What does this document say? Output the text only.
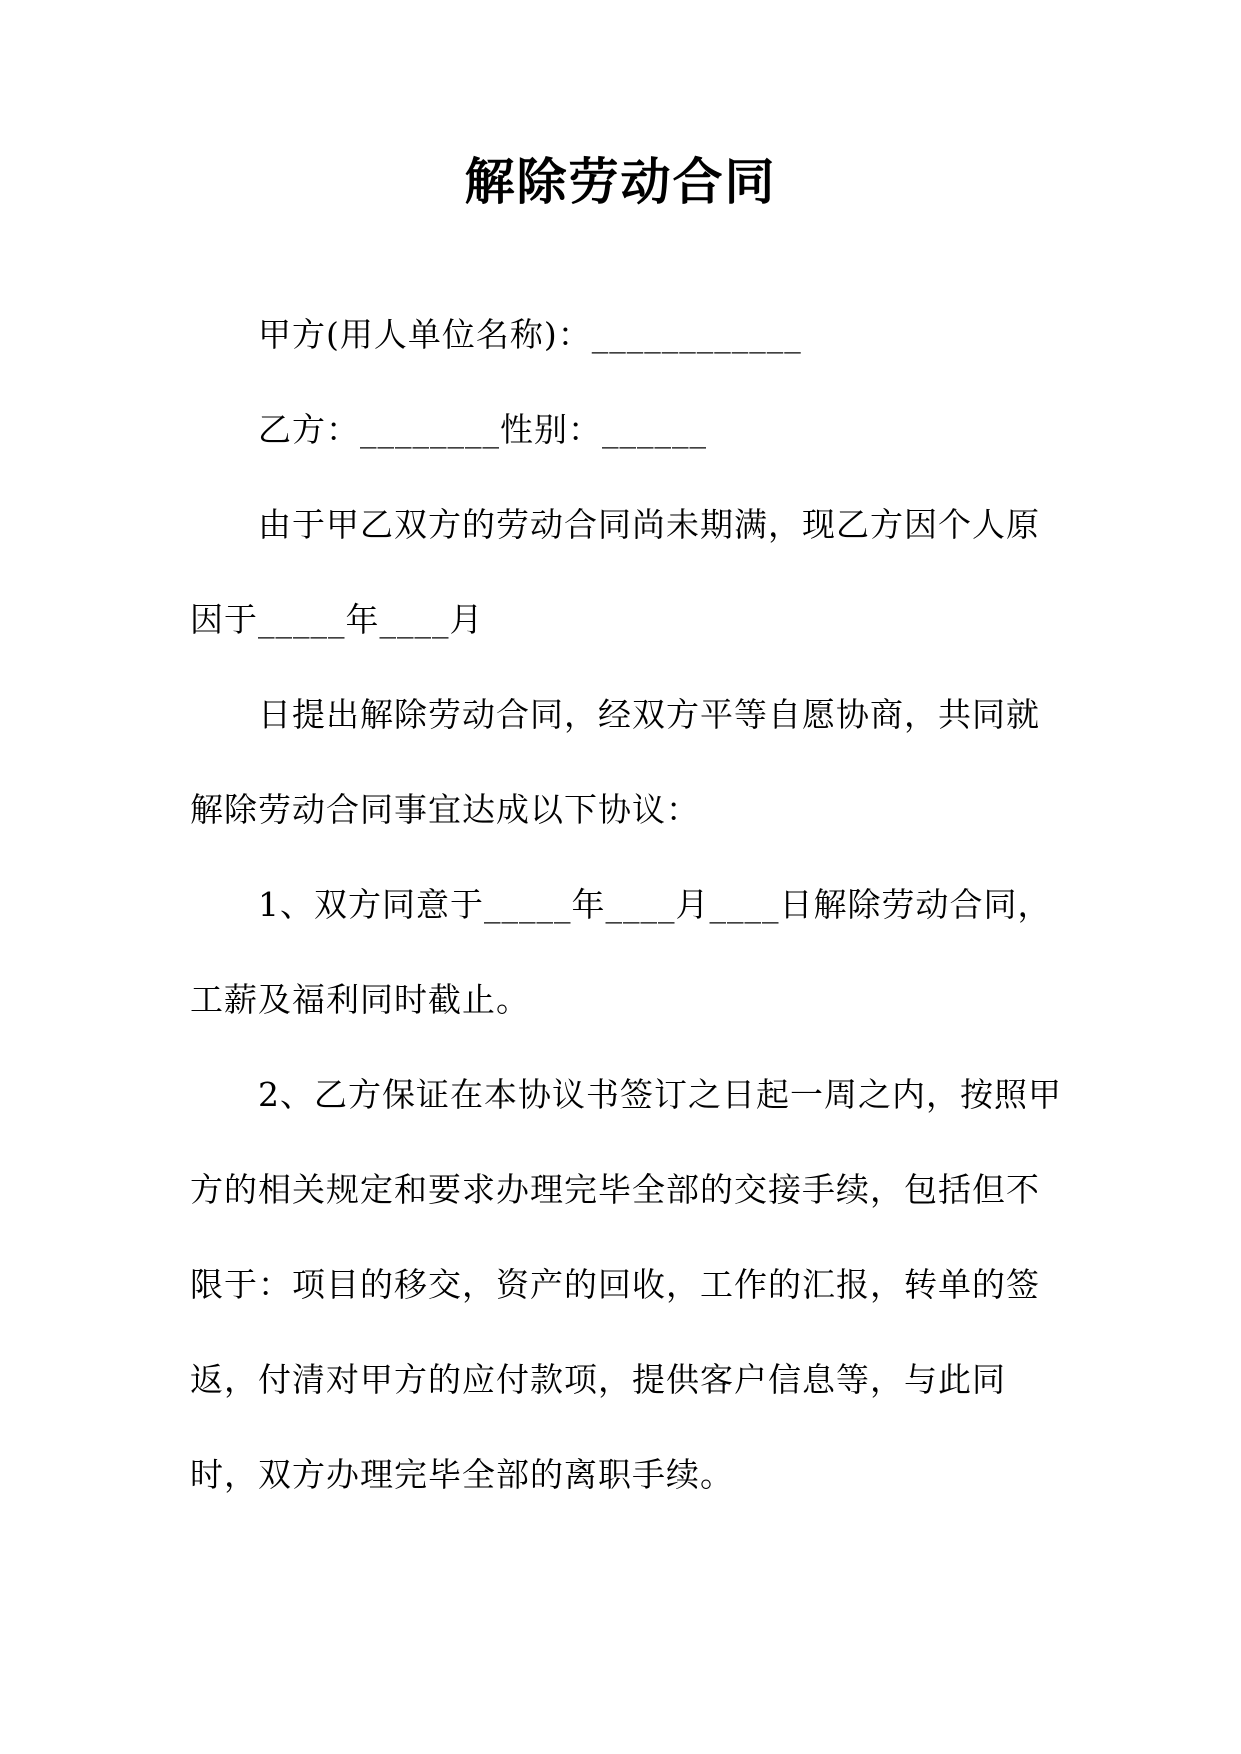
解除劳动合同
甲方(用人单位名称)：____________
乙方：________性别：______
由于甲乙双方的劳动合同尚未期满，现乙方因个人原
因于_____年____月
日提出解除劳动合同，经双方平等自愿协商，共同就
解除劳动合同事宜达成以下协议：
1、双方同意于_____年____月____日解除劳动合同，
工薪及福利同时截止。
2、乙方保证在本协议书签订之日起一周之内，按照甲
方的相关规定和要求办理完毕全部的交接手续，包括但不
限于：项目的移交，资产的回收，工作的汇报，转单的签
返，付清对甲方的应付款项，提供客户信息等，与此同
时，双方办理完毕全部的离职手续。
